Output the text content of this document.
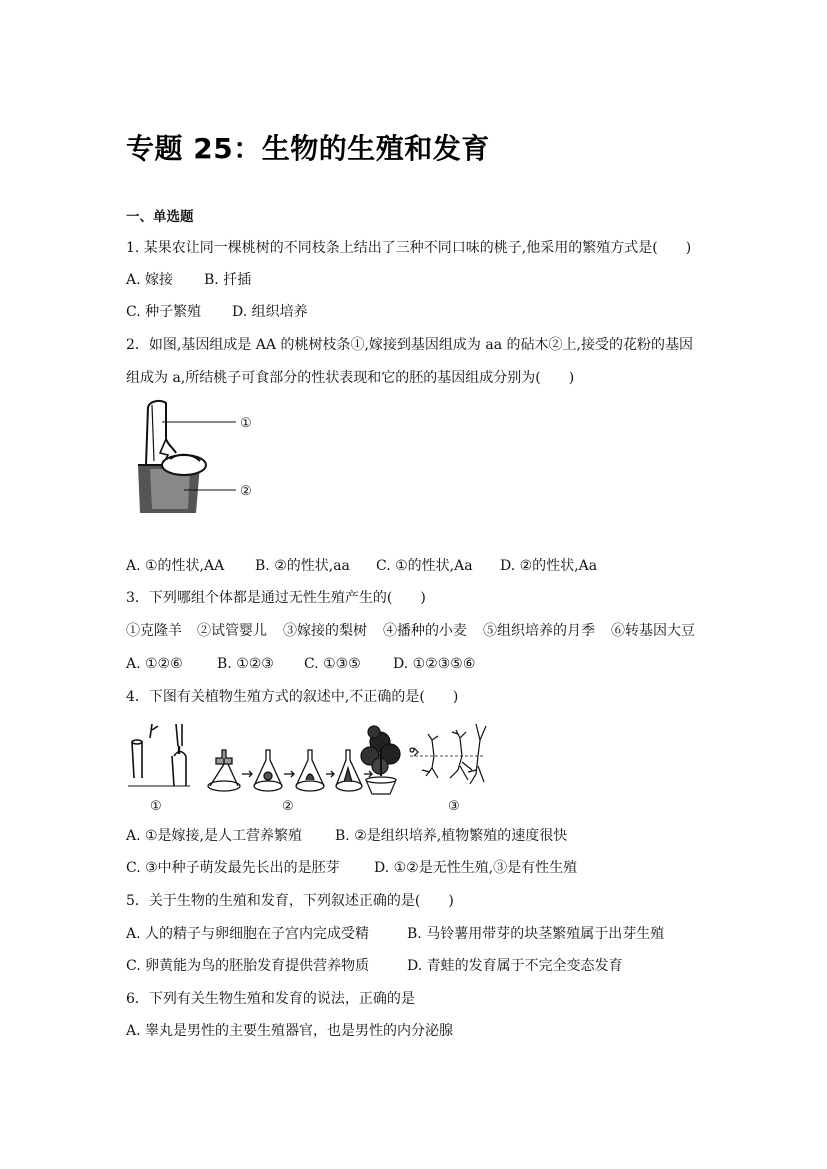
专题 25：生物的生殖和发育
一、单选题
1. 某果农让同一棵桃树的不同枝条上结出了三种不同口味的桃子,他采用的繁殖方式是(　　)
A. 嫁接 B. 扦插
C. 种子繁殖 D. 组织培养
2．如图,基因组成是 AA 的桃树枝条①,嫁接到基因组成为 aa 的砧木②上,接受的花粉的基因
组成为 a,所结桃子可食部分的性状表现和它的胚的基因组成分别为(　　)
①
②
A. ①的性状,AA B. ②的性状,aa C. ①的性状,Aa D. ②的性状,Aa
3．下列哪组个体都是通过无性生殖产生的(　　)
①克隆羊 ②试管婴儿 ③嫁接的梨树 ④播种的小麦 ⑤组织培养的月季 ⑥转基因大豆
A. ①②⑥ B. ①②③ C. ①③⑤ D. ①②③⑤⑥
4．下图有关植物生殖方式的叙述中,不正确的是(　　)
①	②	③
A. ①是嫁接,是人工营养繁殖 B. ②是组织培养,植物繁殖的速度很快
C. ③中种子萌发最先长出的是胚芽 D. ①②是无性生殖,③是有性生殖
5．关于生物的生殖和发育，下列叙述正确的是(　　)
A. 人的精子与卵细胞在子宫内完成受精	B. 马铃薯用带芽的块茎繁殖属于出芽生殖
C. 卵黄能为鸟的胚胎发育提供营养物质	D. 青蛙的发育属于不完全变态发育
6．下列有关生物生殖和发育的说法，正确的是
A. 睾丸是男性的主要生殖器官，也是男性的内分泌腺
